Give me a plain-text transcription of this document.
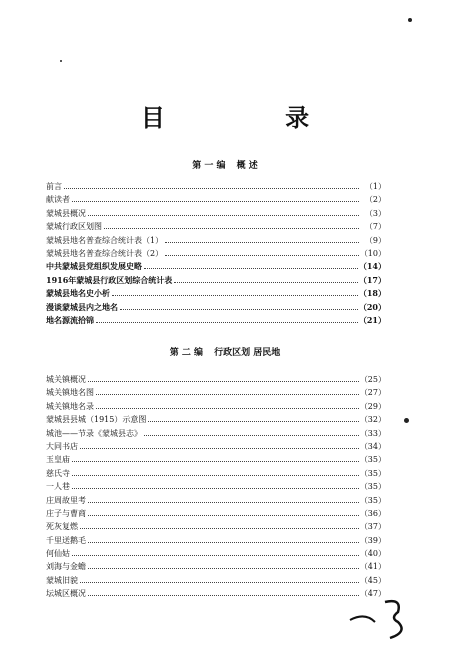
目 录
第 一 编 概 述
前言	（1）
献读者	（2）
蒙城县概况	（3）
蒙城行政区划图	（7）
蒙城县地名普查综合统计表（1）	（9）
蒙城县地名普查综合统计表（2）	（10）
中共蒙城县党组织发展史略	（14）
1916年蒙城县行政区划综合统计表	（17）
蒙城县地名史小析	（18）
漫谈蒙城县内之地名	（20）
地名源流拾锦	（21）
第 二 编 行政区划 居民地
城关镇概况	（25）
城关镇地名图	（27）
城关镇地名录	（29）
蒙城县县城（1915）示意图	（32）
城池——节录《蒙城县志》	（33）
大同书店	（34）
玉皇庙	（35）
慈氏寺	（35）
一人巷	（35）
庄周故里考	（35）
庄子与曹商	（36）
死灰复燃	（37）
千里送鹅毛	（39）
何仙姑	（40）
刘海与金蟾	（41）
蒙城旧貌	（45）
坛城区概况	（47）
